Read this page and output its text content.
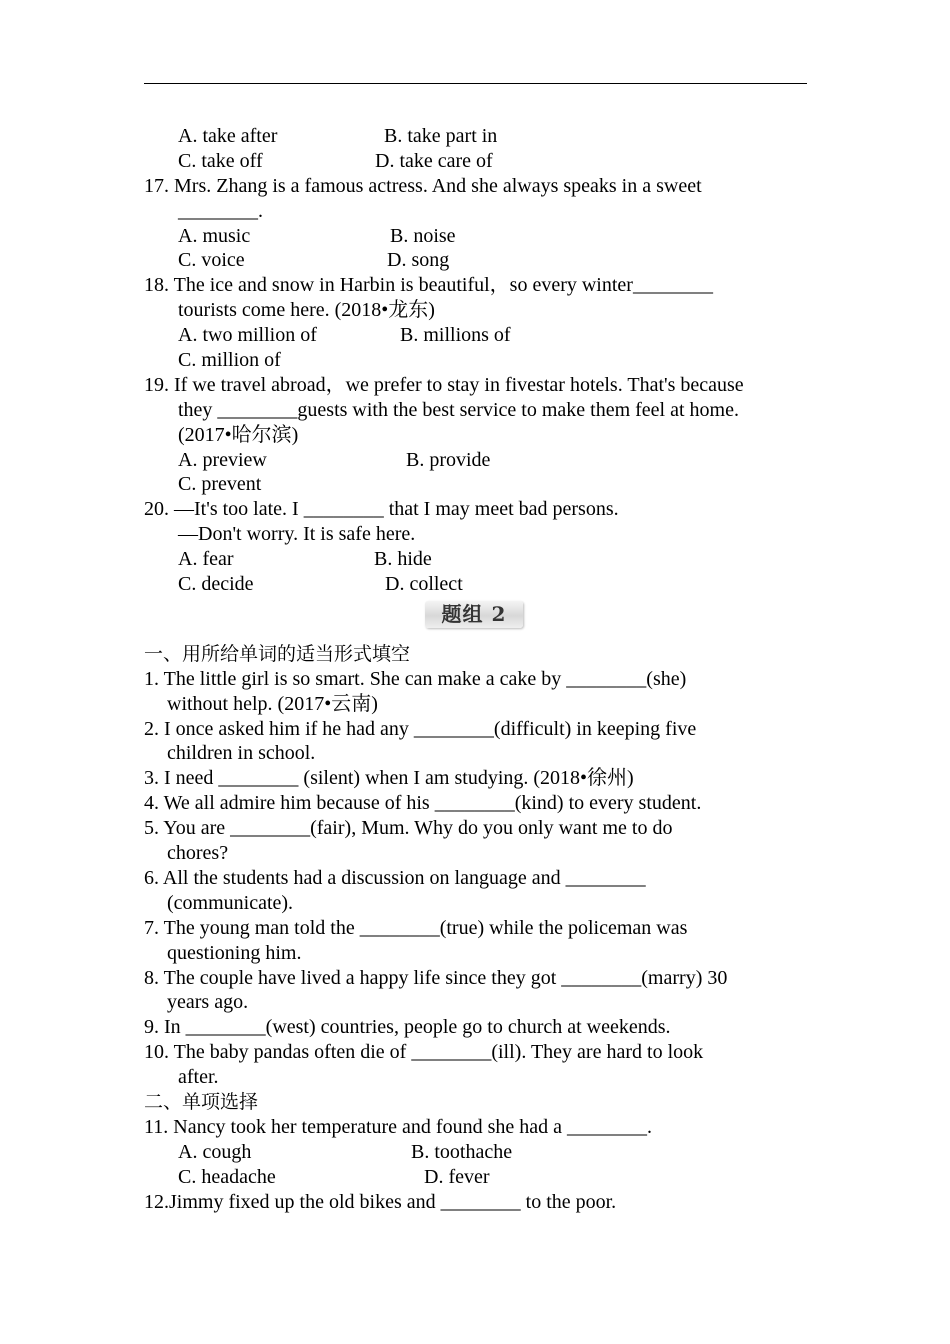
A. take after	B. take part in
C. take off	D. take care of
17. Mrs. Zhang is a famous actress. And she always speaks in a sweet
________.
A. music	B. noise
C. voice	D. song
18. The ice and snow in Harbin is beautiful，so every winter________
tourists come here. (2018•龙东)
A. two million of	B. millions of
C. million of
19. If we travel abroad，we prefer to stay in fivestar hotels. That's because
they ________guests with the best service to make them feel at home.
(2017•哈尔滨)
A. preview	B. provide
C. prevent
20. —It's too late. I ________ that I may meet bad persons.
—Don't worry. It is safe here.
A. fear	B. hide
C. decide	D. collect
题组 2
一、用所给单词的适当形式填空
1. The little girl is so smart. She can make a cake by ________(she)
without help. (2017•云南)
2. I once asked him if he had any ________(difficult) in keeping five
children in school.
3. I need ________ (silent) when I am studying. (2018•徐州)
4. We all admire him because of his ________(kind) to every student.
5. You are ________(fair), Mum. Why do you only want me to do
chores?
6. All the students had a discussion on language and ________
(communicate).
7. The young man told the ________(true) while the policeman was
questioning him.
8. The couple have lived a happy life since they got ________(marry) 30
years ago.
9. In ________(west) countries, people go to church at weekends.
10. The baby pandas often die of ________(ill). They are hard to look
after.
二、单项选择
11. Nancy took her temperature and found she had a ________.
A. cough	B. toothache
C. headache	D. fever
12.Jimmy fixed up the old bikes and ________ to the poor.
